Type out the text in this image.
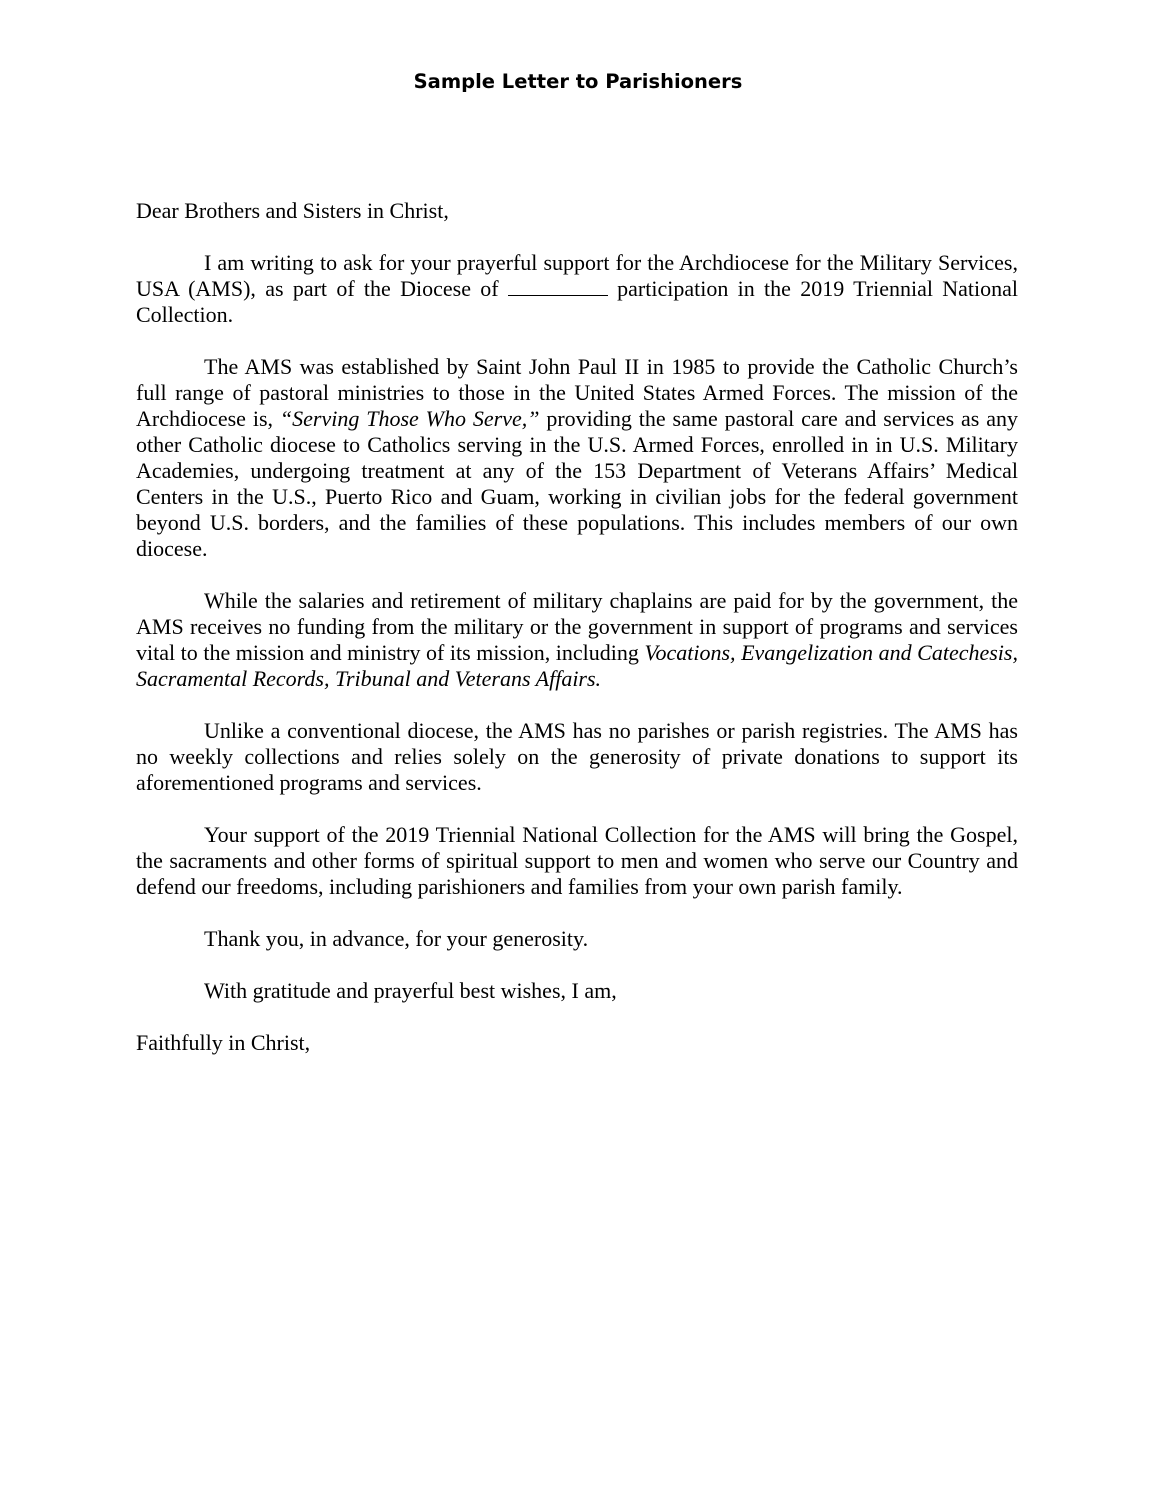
Sample Letter to Parishioners

Dear Brothers and Sisters in Christ,

I am writing to ask for your prayerful support for the Archdiocese for the Military Services, USA (AMS), as part of the Diocese of	participation in the 2019 Triennial National Collection.

The AMS was established by Saint John Paul II in 1985 to provide the Catholic Church’s full range of pastoral ministries to those in the United States Armed Forces. The mission of the Archdiocese is, “Serving Those Who Serve,” providing the same pastoral care and services as any other Catholic diocese to Catholics serving in the U.S. Armed Forces, enrolled in in U.S. Military Academies, undergoing treatment at any of the 153 Department of Veterans Affairs’ Medical Centers in the U.S., Puerto Rico and Guam, working in civilian jobs for the federal government beyond U.S. borders, and the families of these populations. This includes members of our own diocese.

While the salaries and retirement of military chaplains are paid for by the government, the AMS receives no funding from the military or the government in support of programs and services vital to the mission and ministry of its mission, including Vocations, Evangelization and Catechesis, Sacramental Records, Tribunal and Veterans Affairs.

Unlike a conventional diocese, the AMS has no parishes or parish registries. The AMS has no weekly collections and relies solely on the generosity of private donations to support its aforementioned programs and services.

Your support of the 2019 Triennial National Collection for the AMS will bring the Gospel, the sacraments and other forms of spiritual support to men and women who serve our Country and defend our freedoms, including parishioners and families from your own parish family.

Thank you, in advance, for your generosity.

With gratitude and prayerful best wishes, I am,

Faithfully in Christ,
